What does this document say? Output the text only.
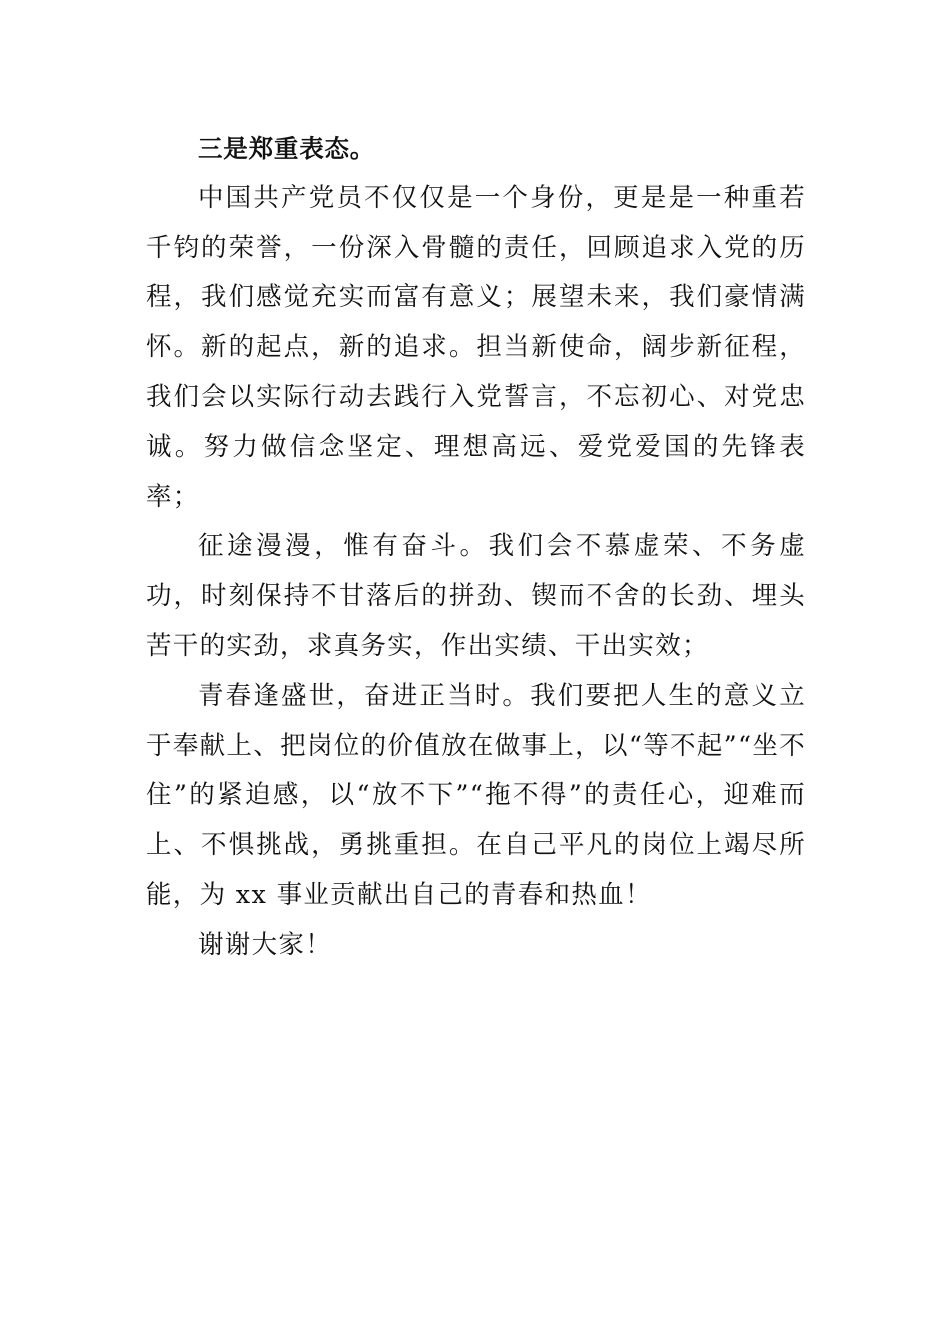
三是郑重表态。

中国共产党员不仅仅是一个身份，更是是一种重若千钧的荣誉，一份深入骨髓的责任，回顾追求入党的历程，我们感觉充实而富有意义；展望未来，我们豪情满怀。新的起点，新的追求。担当新使命，阔步新征程，我们会以实际行动去践行入党誓言，不忘初心、对党忠诚。努力做信念坚定、理想高远、爱党爱国的先锋表率；

征途漫漫，惟有奋斗。我们会不慕虚荣、不务虚功，时刻保持不甘落后的拼劲、锲而不舍的长劲、埋头苦干的实劲，求真务实，作出实绩、干出实效；

青春逢盛世，奋进正当时。我们要把人生的意义立于奉献上、把岗位的价值放在做事上，以“等不起”“坐不住”的紧迫感，以“放不下”“拖不得”的责任心，迎难而上、不惧挑战，勇挑重担。在自己平凡的岗位上竭尽所能，为 xx 事业贡献出自己的青春和热血！

谢谢大家！
